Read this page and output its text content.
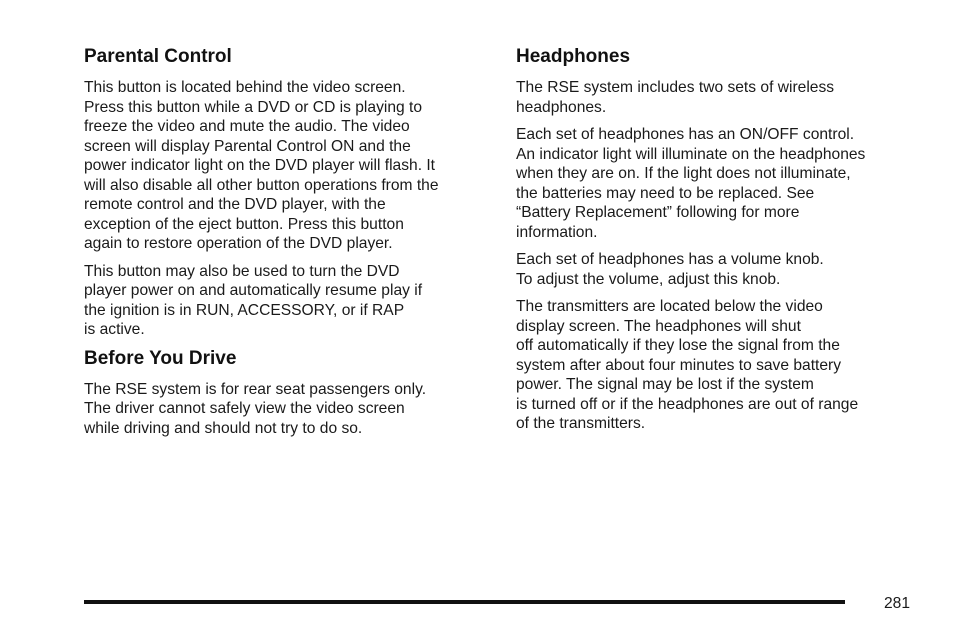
Parental Control

This button is located behind the video screen.
Press this button while a DVD or CD is playing to
freeze the video and mute the audio. The video
screen will display Parental Control ON and the
power indicator light on the DVD player will flash. It
will also disable all other button operations from the
remote control and the DVD player, with the
exception of the eject button. Press this button
again to restore operation of the DVD player.

This button may also be used to turn the DVD
player power on and automatically resume play if
the ignition is in RUN, ACCESSORY, or if RAP
is active.

Before You Drive

The RSE system is for rear seat passengers only.
The driver cannot safely view the video screen
while driving and should not try to do so.

Headphones

The RSE system includes two sets of wireless
headphones.

Each set of headphones has an ON/OFF control.
An indicator light will illuminate on the headphones
when they are on. If the light does not illuminate,
the batteries may need to be replaced. See
“Battery Replacement” following for more
information.

Each set of headphones has a volume knob.
To adjust the volume, adjust this knob.

The transmitters are located below the video
display screen. The headphones will shut
off automatically if they lose the signal from the
system after about four minutes to save battery
power. The signal may be lost if the system
is turned off or if the headphones are out of range
of the transmitters.

281
